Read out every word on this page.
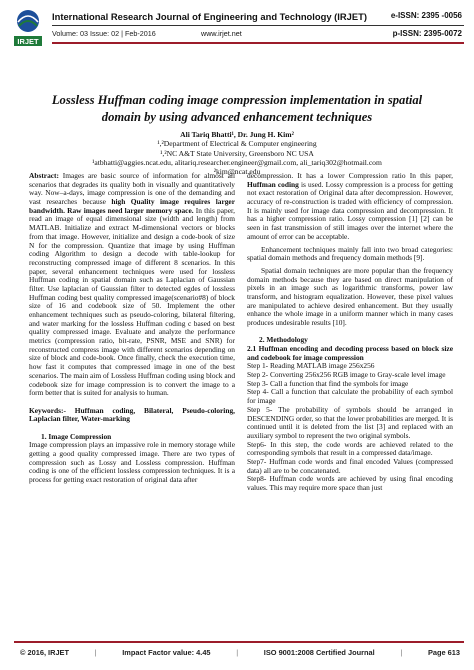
IRJET
International Research Journal of Engineering and Technology (IRJET)	e-ISSN: 2395 -0056
Volume: 03 Issue: 02 | Feb-2016	www.irjet.net	p-ISSN: 2395-0072
Lossless Huffman coding image compression implementation in spatial
domain by using advanced enhancement techniques
Ali Tariq Bhatti¹, Dr. Jung H. Kim²
¹,²Department of Electrical & Computer engineering
¹,²NC A&T State University, Greensboro NC USA
¹atbhatti@aggies.ncat.edu, alitariq.researcher.engineer@gmail.com, ali_tariq302@hotmail.com
²kim@ncat.edu

Abstract: Images are basic source of information for almost all scenarios that degrades its quality both in visually and quantitatively way. Now–a-days, image compression is one of the demanding and vast researches because high Quality image requires larger bandwidth. Raw images need larger memory space. In this paper, read an image of equal dimensional size (width and length) from MATLAB. Initialize and extract M-dimensional vectors or blocks from that image. However, initialize and design a code-book of size N for the compression. Quantize that image by using Huffman coding Algorithm to design a decode with table-lookup for reconstructing compressed image of different 8 scenarios. In this paper, several enhancement techniques were used for lossless Huffman coding in spatial domain such as Laplacian of Gaussian filter. Use laplacian of Gaussian filter to detected egdes of lossless Huffman coding best quality compressed image(scenario#8) of block size of 16 and codebook size of 50. Implement the other enhancement techniques such as pseudo-coloring, bilateral filtering, and water marking for the lossless Huffman coding c based on best quality compressed image. Evaluate and analyze the performance metrics (compression ratio, bit-rate, PSNR, MSE and SNR) for reconstructed compress image with different scenarios depending on size of block and code-book. Once finally, check the execution time, how fast it computes that compressed image in one of the best scenarios. The main aim of Lossless Huffman coding using block and codebook size for image compression is to convert the image to a form better that is suited for analysis to human.

Keywords:- Huffman coding, Bilateral, Pseudo-coloring, Laplacian filter, Water-marking

1. Image Compression

Image compression plays an impassive role in memory storage while getting a good quality compressed image. There are two types of compression such as Lossy and Lossless compression. Huffman coding is one of the efficient lossless compression techniques. It is a process for getting exact restoration of original data after

decompression. It has a lower Compression ratio In this paper, Huffman coding is used. Lossy compression is a process for getting not exact restoration of Original data after decompression. However, accuracy of re-construction is traded with efficiency of compression. It is mainly used for image data compression and decompression. It has a higher compression ratio. Lossy compression [1] [2] can be seen in fast transmission of still images over the internet where the amount of error can be acceptable.

Enhancement techniques mainly fall into two broad categories: spatial domain methods and frequency domain methods [9].

Spatial domain techniques are more popular than the frequency domain methods because they are based on direct manipulation of pixels in an image such as logarithmic transforms, power law transform, and histogram equalization. However, these pixel values are manipulated to achieve desired enhancement. But they usually enhance the whole image in a uniform manner which in many cases produces undesirable results [10].

2. Methodology

2.1 Huffman encoding and decoding process based on block size and codebook for image compression

Step 1- Reading MATLAB image 256x256

Step 2- Converting 256x256 RGB image to Gray-scale level image

Step 3- Call a function that find the symbols for image

Step 4- Call a function that calculate the probability of each symbol for image

Step 5- The probability of symbols should be arranged in DESCENDING order, so that the lower probabilities are merged. It is continued until it is deleted from the list [3] and replaced with an auxiliary symbol to represent the two original symbols.

Step6- In this step, the code words are achieved related to the corresponding symbols that result in a compressed data/image.

Step7- Huffman code words and final encoded Values (compressed data) all are to be concatenated.

Step8- Huffman code words are achieved by using final encoding values. This may require more space than just

© 2016, IRJET	|	Impact Factor value: 4.45	|	ISO 9001:2008 Certified Journal	|	Page 613
